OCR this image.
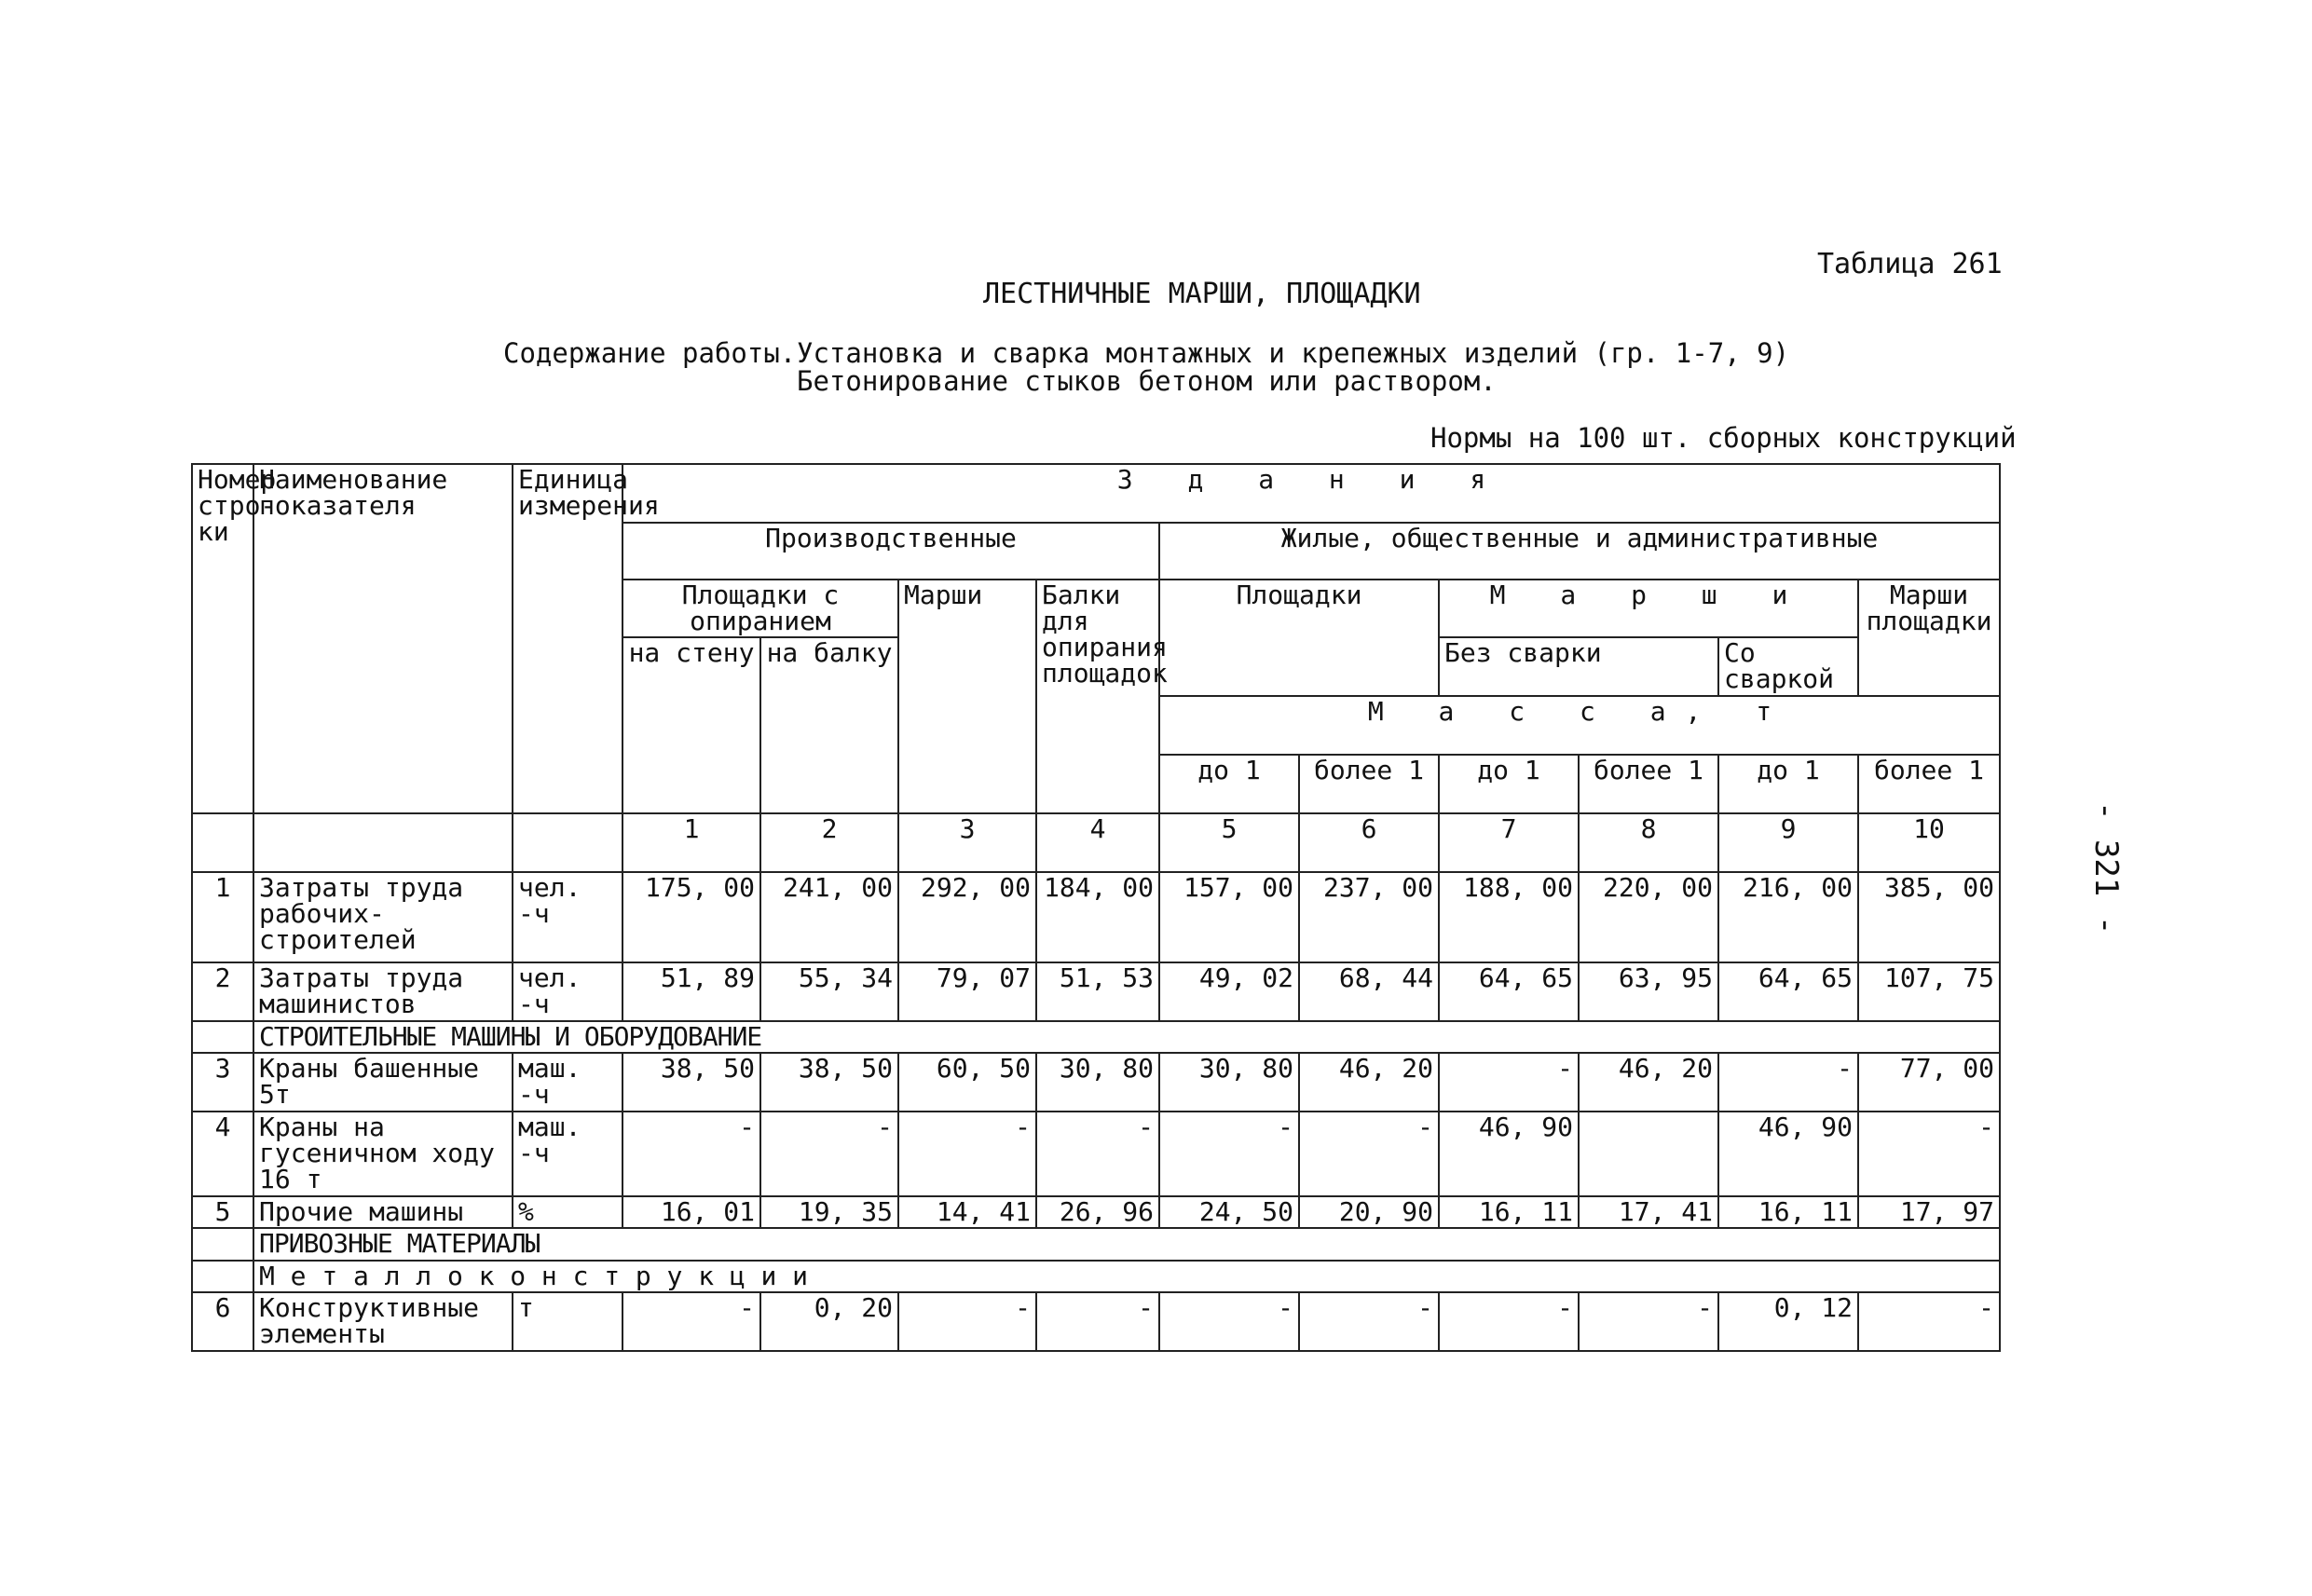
Таблица 261
ЛЕСТНИЧНЫЕ МАРШИ, ПЛОЩАДКИ
Содержание работы. Установка и сварка монтажных и крепежных изделий (гр. 1-7, 9)
Бетонирование стыков бетоном или раствором.
Нормы на 100 шт. сборных конструкций
- 321 -
Номер стро-ки	Наименование показателя	Единица измерения	З д а н и я									
			Производственные				Жилые, общественные и административные					
			Площадки с опиранием		Марши	Балки для опирания площадок	Площадки		М а р ш и			Марши площадки
			на стену	на балку					Без сварки		Со сваркой	
							М а с с а, т					
							до 1	более 1	до 1	более 1	до 1	более 1
			1	2	3	4	5	6	7	8	9	10
1	Затраты труда рабочих-строителей	чел. -ч	175, 00	241, 00	292, 00	184, 00	157, 00	237, 00	188, 00	220, 00	216, 00	385, 00
2	Затраты труда машинистов	чел. -ч	51, 89	55, 34	79, 07	51, 53	49, 02	68, 44	64, 65	63, 95	64, 65	107, 75
	СТРОИТЕЛЬНЫЕ МАШИНЫ И ОБОРУДОВАНИЕ											
3	Краны башенные 5т	маш. -ч	38, 50	38, 50	60, 50	30, 80	30, 80	46, 20	-	46, 20	-	77, 00
4	Краны на гусеничном ходу 16 т	маш. -ч	-	-	-	-	-	-	46, 90		46, 90	-
5	Прочие машины	%	16, 01	19, 35	14, 41	26, 96	24, 50	20, 90	16, 11	17, 41	16, 11	17, 97
	ПРИВОЗНЫЕ МАТЕРИАЛЫ											
	Металлоконструкции											
6	Конструктивные элементы	т	-	0, 20	-	-	-	-	-	-	0, 12	-
